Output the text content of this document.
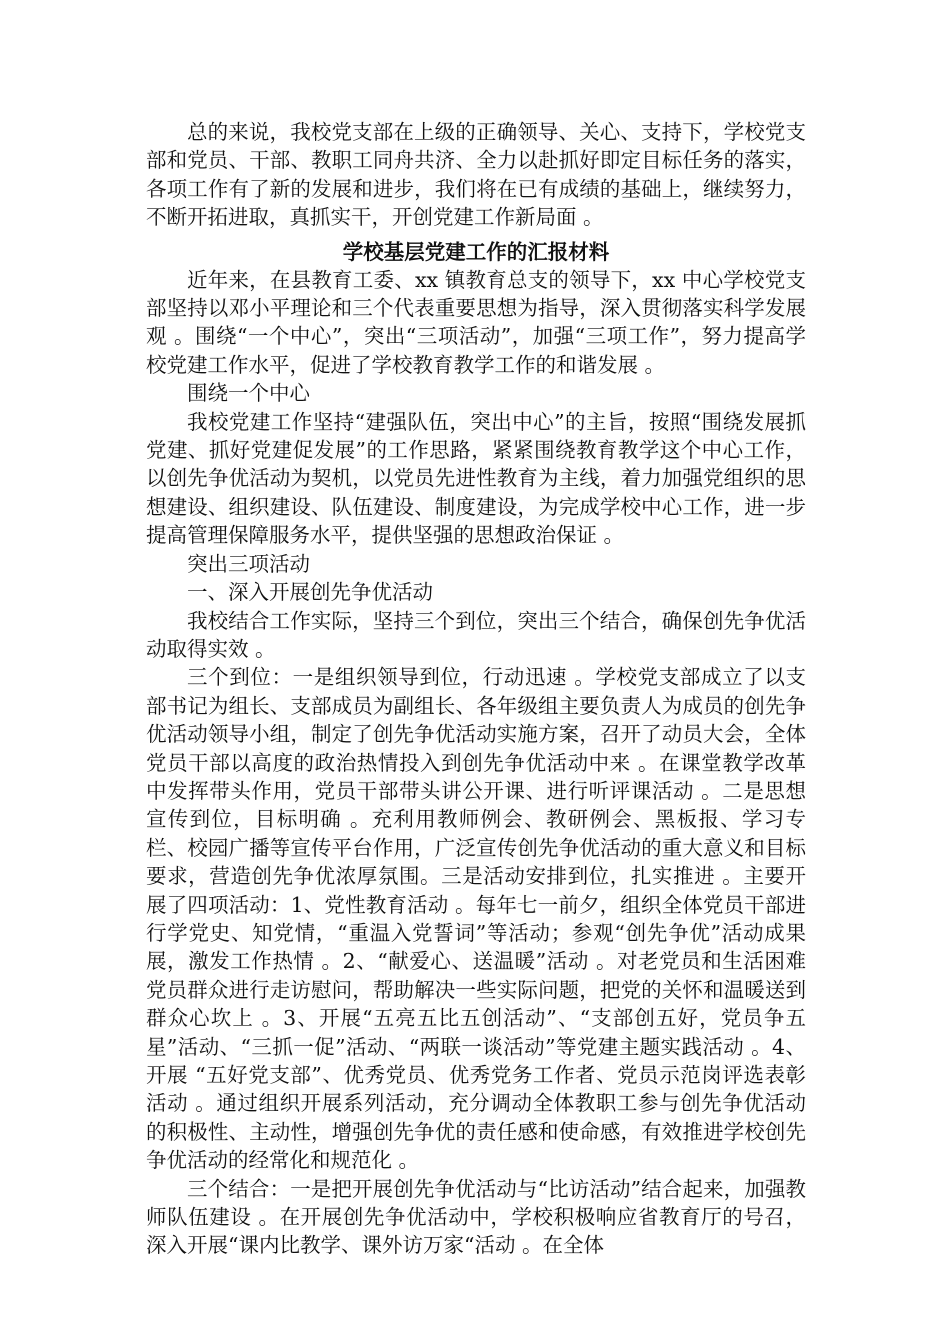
总的来说，我校党支部在上级的正确领导、关心、支持下，学校党支部和党员、干部、教职工同舟共济、全力以赴抓好即定目标任务的落实，各项工作有了新的发展和进步，我们将在已有成绩的基础上，继续努力，不断开拓进取，真抓实干，开创党建工作新局面 。

学校基层党建工作的汇报材料

近年来，在县教育工委、xx 镇教育总支的领导下，xx 中心学校党支部坚持以邓小平理论和三个代表重要思想为指导，深入贯彻落实科学发展观 。围绕“一个中心”，突出“三项活动”，加强“三项工作”，努力提高学校党建工作水平，促进了学校教育教学工作的和谐发展 。

围绕一个中心

我校党建工作坚持“建强队伍，突出中心”的主旨，按照“围绕发展抓党建、抓好党建促发展”的工作思路，紧紧围绕教育教学这个中心工作，以创先争优活动为契机，以党员先进性教育为主线，着力加强党组织的思想建设、组织建设、队伍建设、制度建设，为完成学校中心工作，进一步提高管理保障服务水平，提供坚强的思想政治保证 。

突出三项活动

一、深入开展创先争优活动

我校结合工作实际，坚持三个到位，突出三个结合，确保创先争优活动取得实效 。

三个到位：一是组织领导到位，行动迅速 。学校党支部成立了以支部书记为组长、支部成员为副组长、各年级组主要负责人为成员的创先争优活动领导小组，制定了创先争优活动实施方案，召开了动员大会，全体党员干部以高度的政治热情投入到创先争优活动中来 。在课堂教学改革中发挥带头作用，党员干部带头讲公开课、进行听评课活动 。二是思想宣传到位，目标明确 。充利用教师例会、教研例会、黑板报、学习专栏、校园广播等宣传平台作用，广泛宣传创先争优活动的重大意义和目标要求，营造创先争优浓厚氛围。三是活动安排到位，扎实推进 。主要开展了四项活动：1、党性教育活动 。每年七一前夕，组织全体党员干部进行学党史、知党情，“重温入党誓词”等活动；参观“创先争优”活动成果展，激发工作热情 。2、“献爱心、送温暖”活动 。对老党员和生活困难党员群众进行走访慰问，帮助解决一些实际问题，把党的关怀和温暖送到群众心坎上 。3、开展“五亮五比五创活动”、“支部创五好，党员争五星”活动、“三抓一促”活动、“两联一谈活动”等党建主题实践活动 。4、开展 “五好党支部”、优秀党员、优秀党务工作者、党员示范岗评选表彰活动 。通过组织开展系列活动，充分调动全体教职工参与创先争优活动的积极性、主动性，增强创先争优的责任感和使命感，有效推进学校创先争优活动的经常化和规范化 。

三个结合：一是把开展创先争优活动与“比访活动”结合起来，加强教师队伍建设 。在开展创先争优活动中，学校积极响应省教育厅的号召，深入开展“课内比教学、课外访万家“活动 。在全体
